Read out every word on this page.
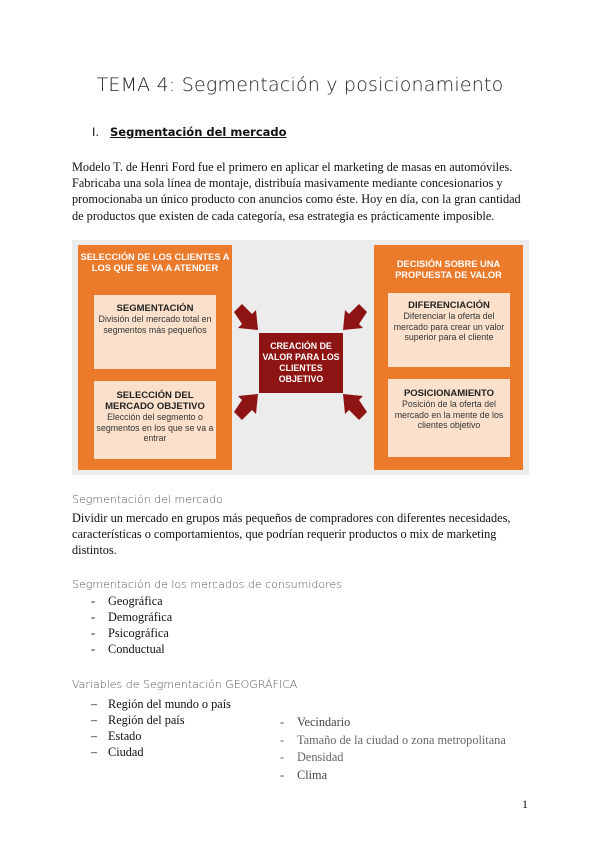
TEMA 4: Segmentación y posicionamiento
I. Segmentación del mercado
Modelo T. de Henri Ford fue el primero en aplicar el marketing de masas en automóviles. Fabricaba una sola línea de montaje, distribuía masivamente mediante concesionarios y promocionaba un único producto con anuncios como éste. Hoy en día, con la gran cantidad de productos que existen de cada categoría, esa estrategia es prácticamente imposible.
SELECCIÓN DE LOS CLIENTES A LOS QUE SE VA A ATENDER
SEGMENTACIÓN
División del mercado total en segmentos más pequeños
SELECCIÓN DEL MERCADO OBJETIVO
Elección del segmento o segmentos en los que se va a entrar
CREACIÓN DE VALOR PARA LOS CLIENTES OBJETIVO
DECISIÓN SOBRE UNA PROPUESTA DE VALOR
DIFERENCIACIÓN
Diferenciar la oferta del mercado para crear un valor superior para el cliente
POSICIONAMIENTO
Posición de la oferta del mercado en la mente de los clientes objetivo
Segmentación del mercado
Dividir un mercado en grupos más pequeños de compradores con diferentes necesidades, características o comportamientos, que podrían requerir productos o mix de marketing distintos.
Segmentación de los mercados de consumidores
- Geográfica
- Demográfica
- Psicográfica
- Conductual
Variables de Segmentación GEOGRÁFICA
– Región del mundo o país
– Región del país
– Estado
– Ciudad
- Vecindario
- Tamaño de la ciudad o zona metropolitana
- Densidad
- Clima
1
